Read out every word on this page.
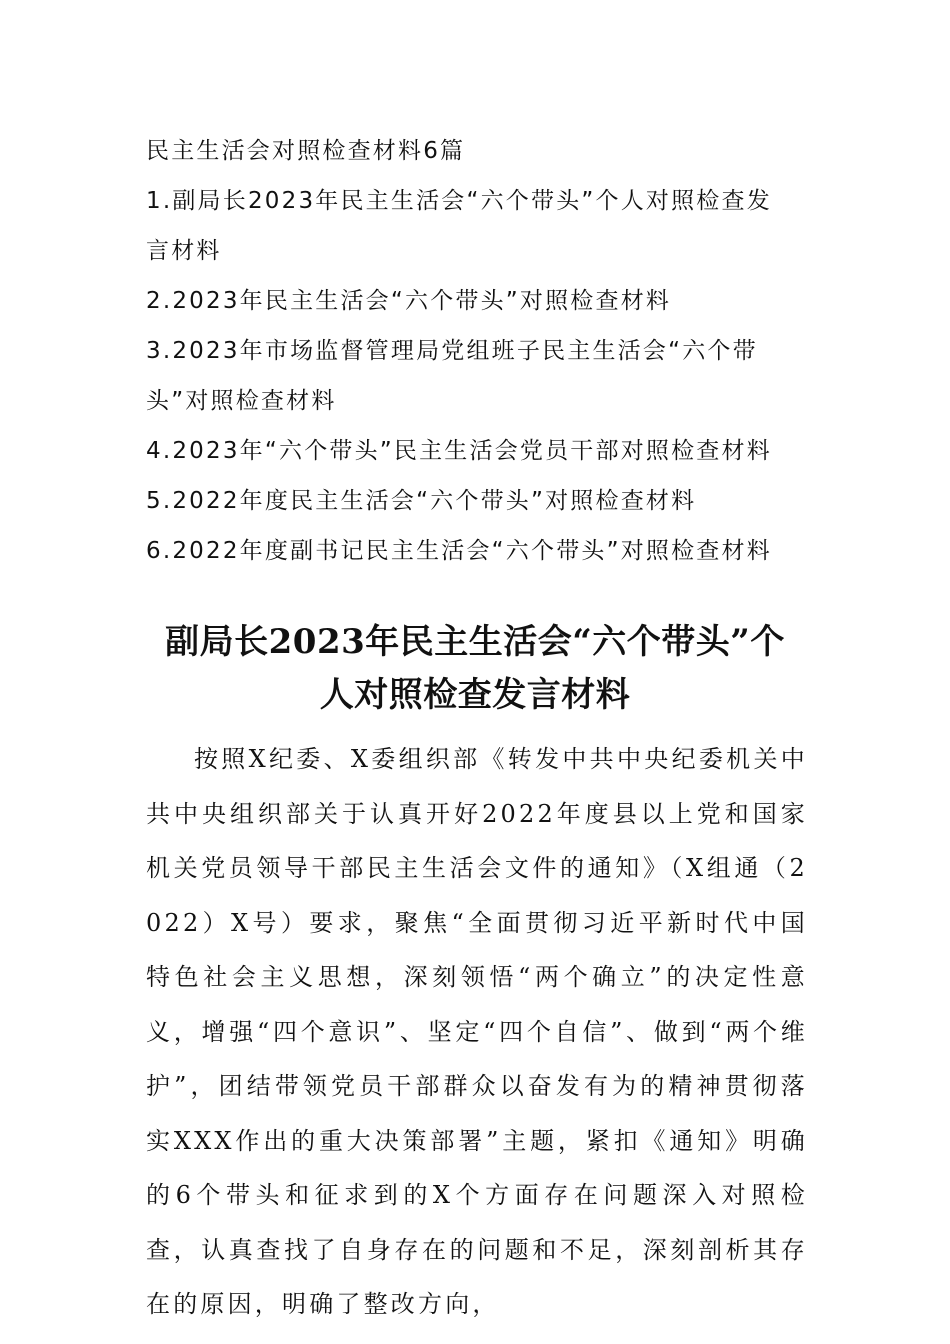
民主生活会对照检查材料6篇

1.副局长2023年民主生活会“六个带头”个人对照检查发

言材料

2.2023年民主生活会“六个带头”对照检查材料

3.2023年市场监督管理局党组班子民主生活会“六个带

头”对照检查材料

4.2023年“六个带头”民主生活会党员干部对照检查材料

5.2022年度民主生活会“六个带头”对照检查材料

6.2022年度副书记民主生活会“六个带头”对照检查材料

副局长2023年民主生活会“六个带头”个
人对照检查发言材料

按照X纪委、X委组织部《转发中共中央纪委机关中共中央组织部关于认真开好2022年度县以上党和国家机关党员领导干部民主生活会文件的通知》（X组通（2022）X号）要求，聚焦“全面贯彻习近平新时代中国特色社会主义思想，深刻领悟“两个确立”的决定性意义，增强“四个意识”、坚定“四个自信”、做到“两个维护”，团结带领党员干部群众以奋发有为的精神贯彻落实XXX作出的重大决策部署”主题，紧扣《通知》明确的6个带头和征求到的X个方面存在问题深入对照检查，认真查找了自身存在的问题和不足，深刻剖析其存在的原因，明确了整改方向，
